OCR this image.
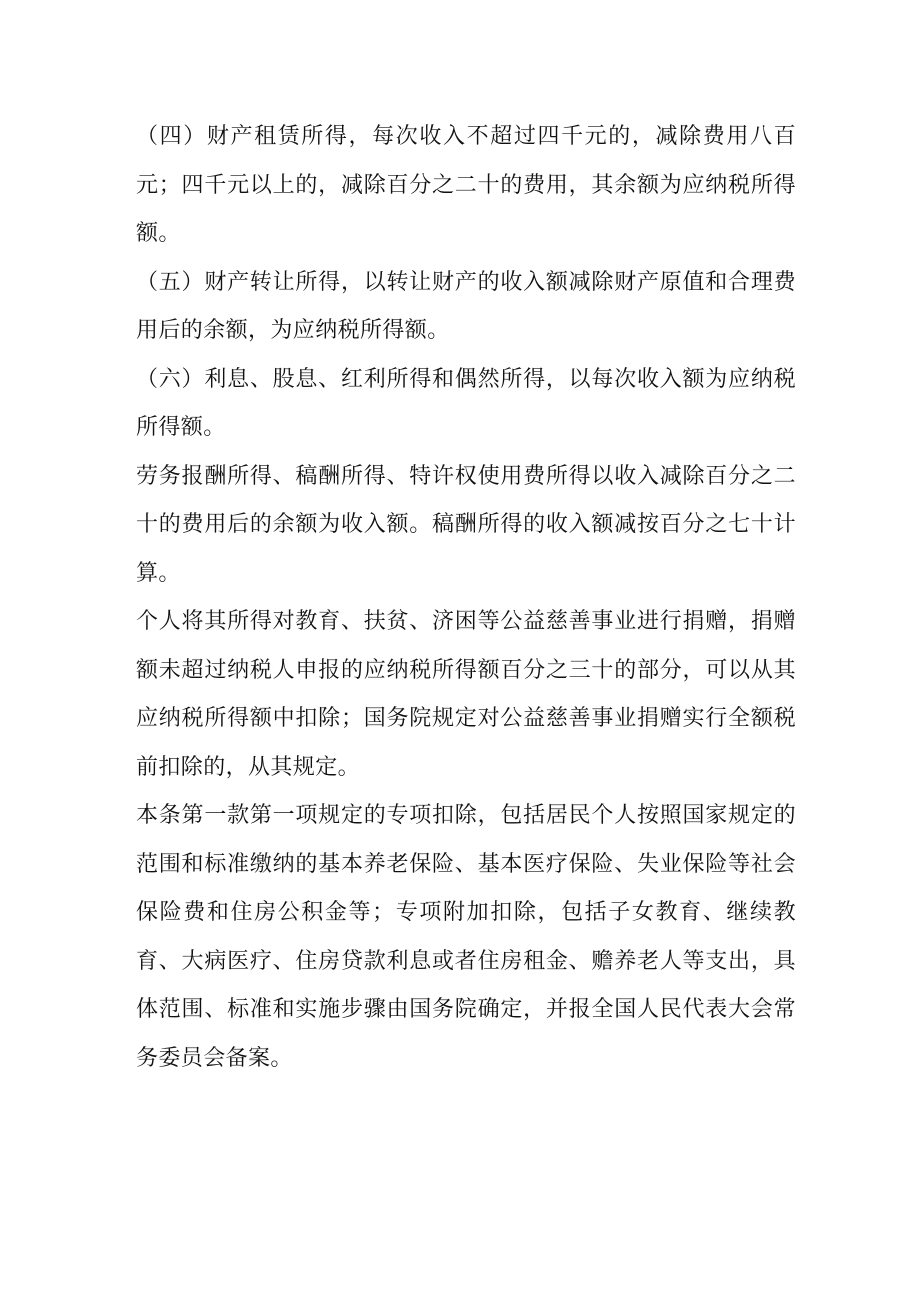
（四）财产租赁所得，每次收入不超过四千元的，减除费用八百元；四千元以上的，减除百分之二十的费用，其余额为应纳税所得额。

（五）财产转让所得，以转让财产的收入额减除财产原值和合理费用后的余额，为应纳税所得额。

（六）利息、股息、红利所得和偶然所得，以每次收入额为应纳税所得额。

劳务报酬所得、稿酬所得、特许权使用费所得以收入减除百分之二十的费用后的余额为收入额。稿酬所得的收入额减按百分之七十计算。

个人将其所得对教育、扶贫、济困等公益慈善事业进行捐赠，捐赠额未超过纳税人申报的应纳税所得额百分之三十的部分，可以从其应纳税所得额中扣除；国务院规定对公益慈善事业捐赠实行全额税前扣除的，从其规定。

本条第一款第一项规定的专项扣除，包括居民个人按照国家规定的范围和标准缴纳的基本养老保险、基本医疗保险、失业保险等社会保险费和住房公积金等；专项附加扣除，包括子女教育、继续教育、大病医疗、住房贷款利息或者住房租金、赡养老人等支出，具体范围、标准和实施步骤由国务院确定，并报全国人民代表大会常务委员会备案。
